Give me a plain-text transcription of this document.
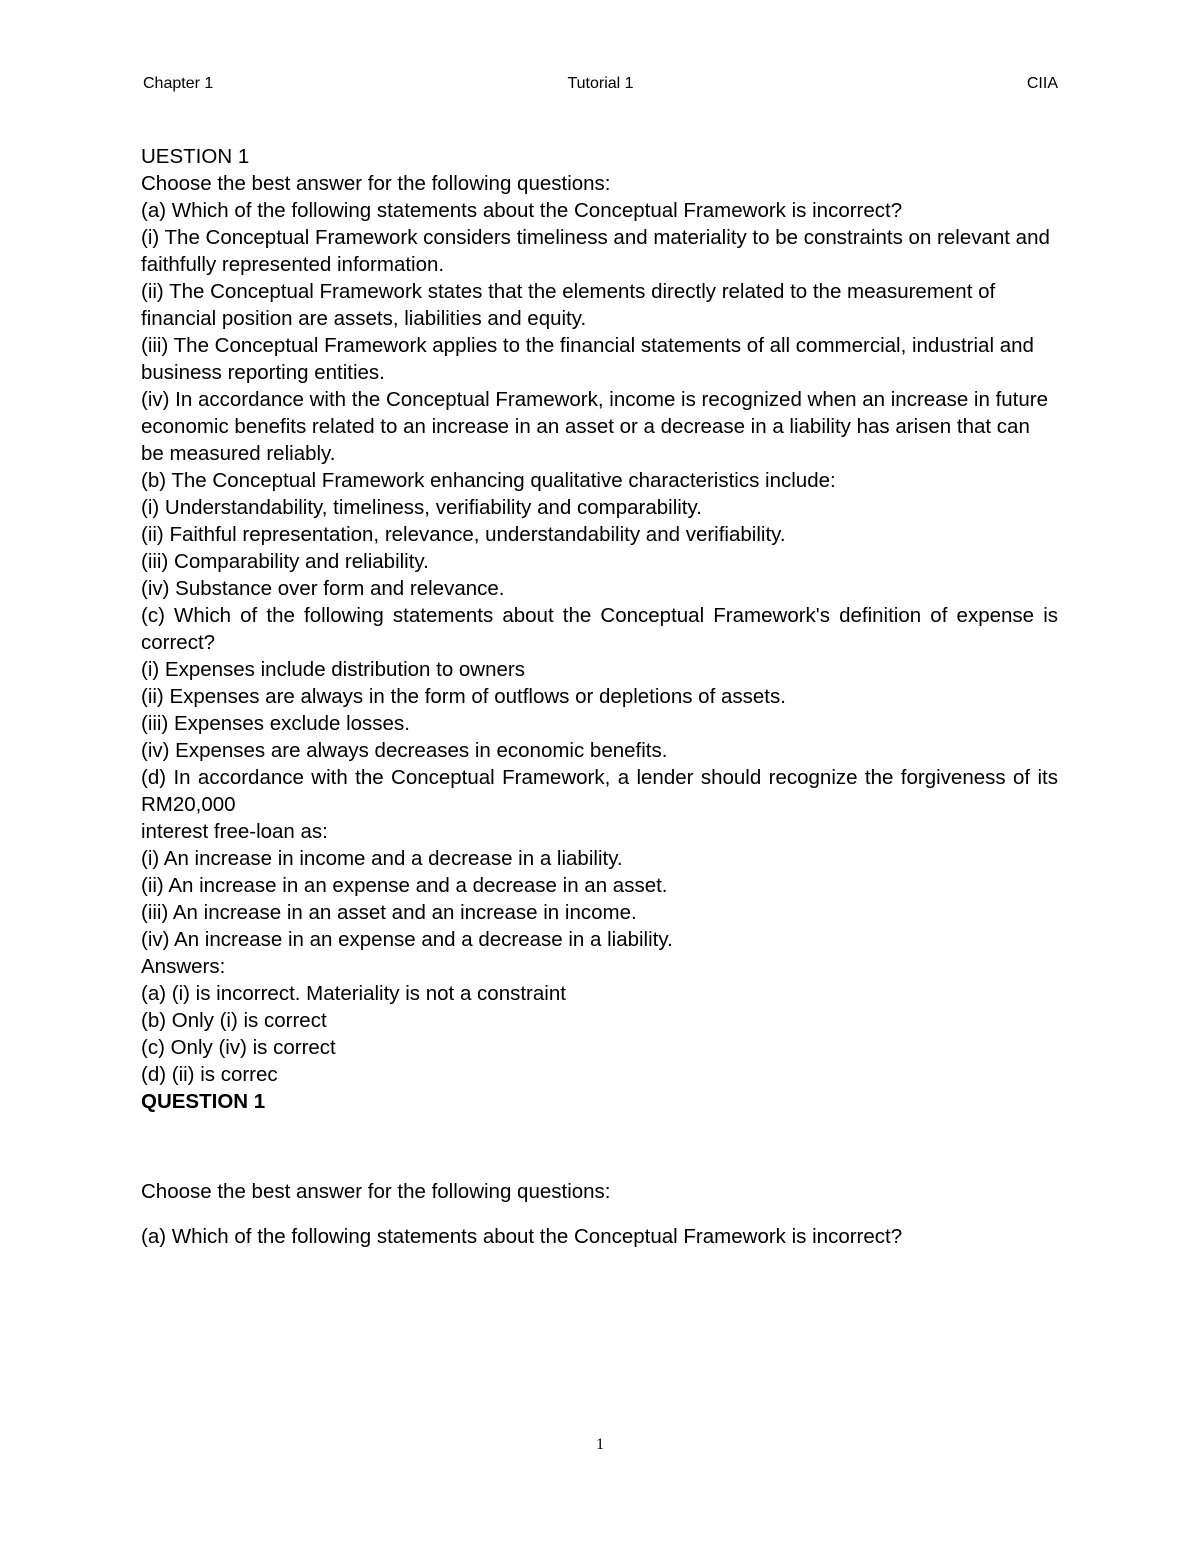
Chapter 1	Tutorial 1	CIIA
UESTION 1
Choose the best answer for the following questions:
(a) Which of the following statements about the Conceptual Framework is incorrect?
(i) The Conceptual Framework considers timeliness and materiality to be constraints on relevant and
faithfully represented information.
(ii) The Conceptual Framework states that the elements directly related to the measurement of
financial position are assets, liabilities and equity.
(iii) The Conceptual Framework applies to the financial statements of all commercial, industrial and
business reporting entities.
(iv) In accordance with the Conceptual Framework, income is recognized when an increase in future
economic benefits related to an increase in an asset or a decrease in a liability has arisen that can
be measured reliably.
(b) The Conceptual Framework enhancing qualitative characteristics include:
(i) Understandability, timeliness, verifiability and comparability.
(ii) Faithful representation, relevance, understandability and verifiability.
(iii) Comparability and reliability.
(iv) Substance over form and relevance.
(c) Which of the following statements about the Conceptual Framework's definition of expense is correct?
(i) Expenses include distribution to owners
(ii) Expenses are always in the form of outflows or depletions of assets.
(iii) Expenses exclude losses.
(iv) Expenses are always decreases in economic benefits.
(d) In accordance with the Conceptual Framework, a lender should recognize the forgiveness of its RM20,000
interest free-loan as:
(i) An increase in income and a decrease in a liability.
(ii) An increase in an expense and a decrease in an asset.
(iii) An increase in an asset and an increase in income.
(iv) An increase in an expense and a decrease in a liability.
Answers:
(a) (i) is incorrect. Materiality is not a constraint
(b) Only (i) is correct
(c) Only (iv) is correct
(d) (ii) is correc
QUESTION 1
Choose the best answer for the following questions:
(a) Which of the following statements about the Conceptual Framework is incorrect?
1
